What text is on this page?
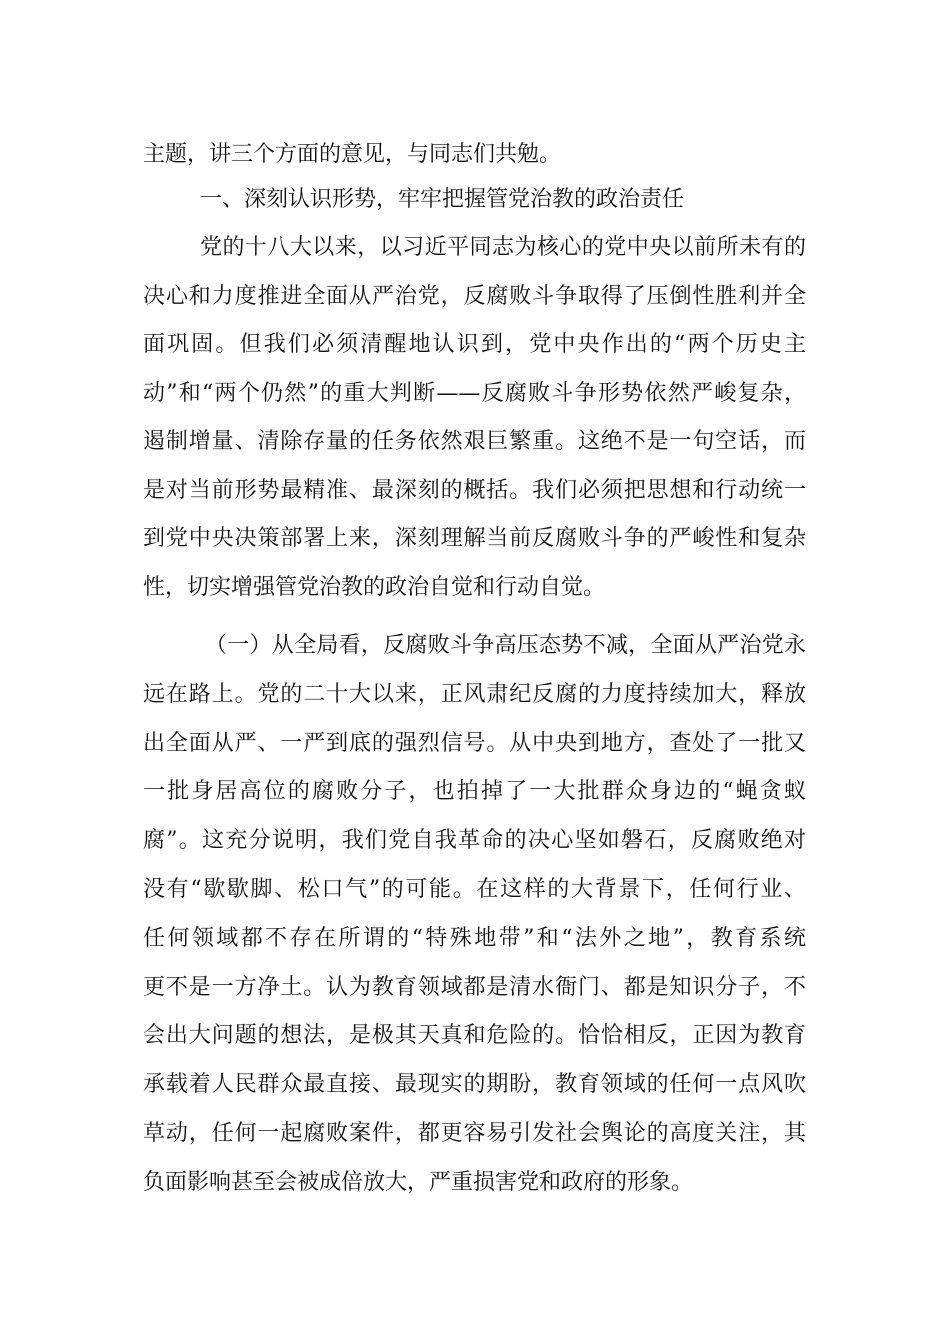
主题，讲三个方面的意见，与同志们共勉。
一、深刻认识形势，牢牢把握管党治教的政治责任
党的十八大以来，以习近平同志为核心的党中央以前所未有的
决心和力度推进全面从严治党，反腐败斗争取得了压倒性胜利并全
面巩固。但我们必须清醒地认识到，党中央作出的“两个历史主
动”和“两个仍然”的重大判断——反腐败斗争形势依然严峻复杂，
遏制增量、清除存量的任务依然艰巨繁重。这绝不是一句空话，而
是对当前形势最精准、最深刻的概括。我们必须把思想和行动统一
到党中央决策部署上来，深刻理解当前反腐败斗争的严峻性和复杂
性，切实增强管党治教的政治自觉和行动自觉。
（一）从全局看，反腐败斗争高压态势不减，全面从严治党永
远在路上。党的二十大以来，正风肃纪反腐的力度持续加大，释放
出全面从严、一严到底的强烈信号。从中央到地方，查处了一批又
一批身居高位的腐败分子，也拍掉了一大批群众身边的“蝇贪蚁
腐”。这充分说明，我们党自我革命的决心坚如磐石，反腐败绝对
没有“歇歇脚、松口气”的可能。在这样的大背景下，任何行业、
任何领域都不存在所谓的“特殊地带”和“法外之地”，教育系统
更不是一方净土。认为教育领域都是清水衙门、都是知识分子，不
会出大问题的想法，是极其天真和危险的。恰恰相反，正因为教育
承载着人民群众最直接、最现实的期盼，教育领域的任何一点风吹
草动，任何一起腐败案件，都更容易引发社会舆论的高度关注，其
负面影响甚至会被成倍放大，严重损害党和政府的形象。
